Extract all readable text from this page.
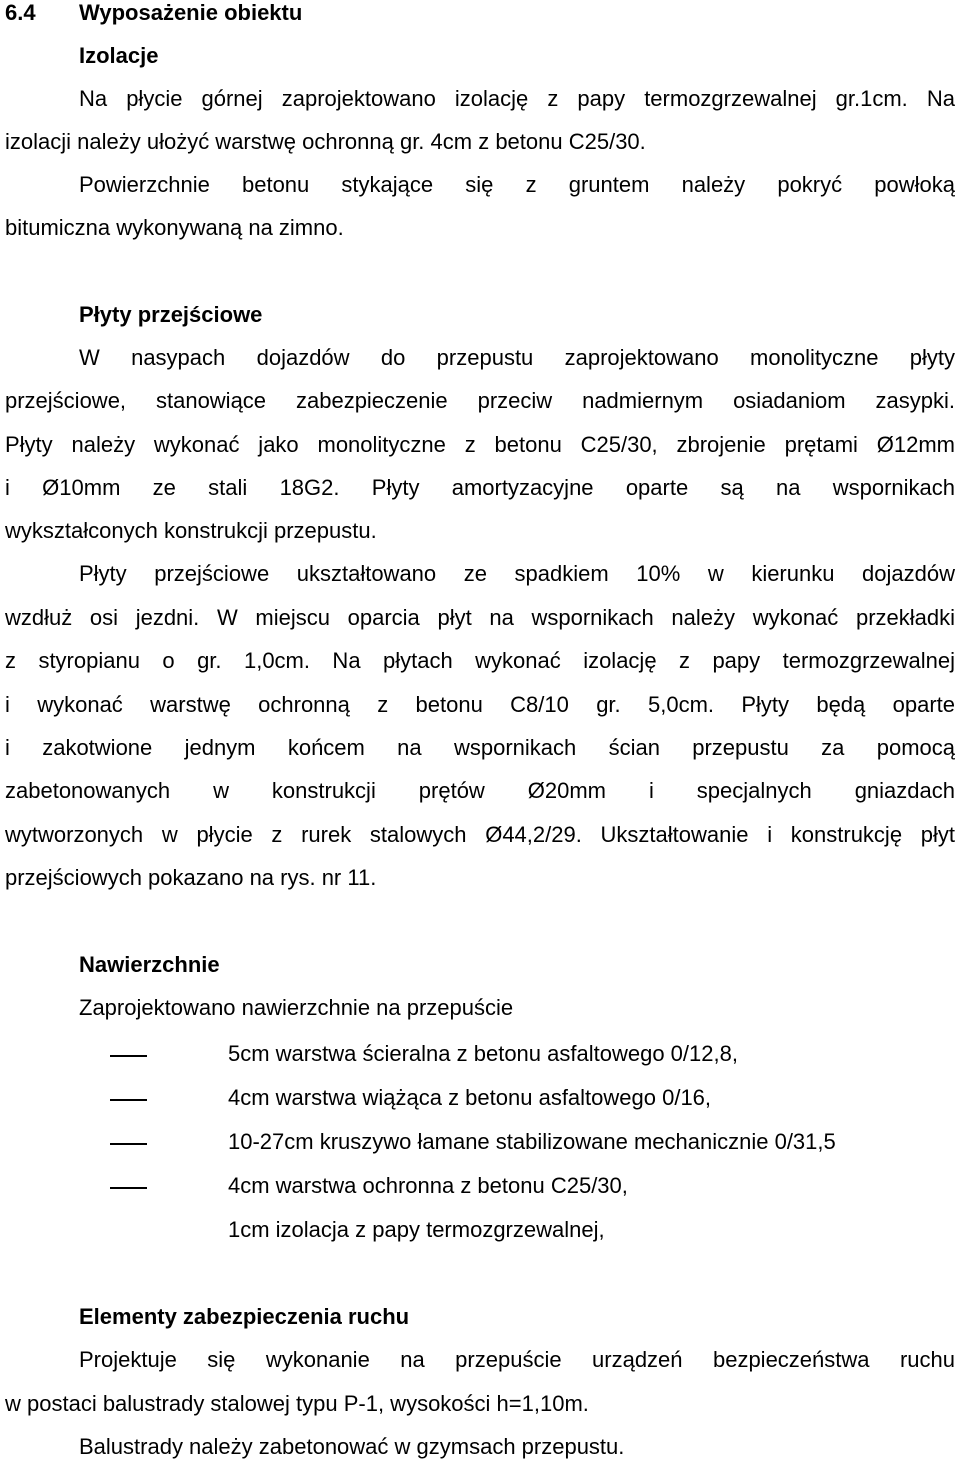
6.4 Wyposażenie obiektu
Izolacje
Na płycie górnej zaprojektowano izolację z papy termozgrzewalnej gr.1cm. Na
izolacji należy ułożyć warstwę ochronną gr. 4cm z betonu C25/30.
Powierzchnie betonu stykające się z gruntem należy pokryć powłoką
bitumiczna wykonywaną na zimno.
Płyty przejściowe
W nasypach dojazdów do przepustu zaprojektowano monolityczne płyty
przejściowe, stanowiące zabezpieczenie przeciw nadmiernym osiadaniom zasypki.
Płyty należy wykonać jako monolityczne z betonu C25/30, zbrojenie prętami Ø12mm
i Ø10mm ze stali 18G2. Płyty amortyzacyjne oparte są na wspornikach
wykształconych konstrukcji przepustu.
Płyty przejściowe ukształtowano ze spadkiem 10% w kierunku dojazdów
wzdłuż osi jezdni. W miejscu oparcia płyt na wspornikach należy wykonać przekładki
z styropianu o gr. 1,0cm. Na płytach wykonać izolację z papy termozgrzewalnej
i wykonać warstwę ochronną z betonu C8/10 gr. 5,0cm. Płyty będą oparte
i zakotwione jednym końcem na wspornikach ścian przepustu za pomocą
zabetonowanych w konstrukcji prętów Ø20mm i specjalnych gniazdach
wytworzonych w płycie z rurek stalowych Ø44,2/29. Ukształtowanie i konstrukcję płyt
przejściowych pokazano na rys. nr 11.
Nawierzchnie
Zaprojektowano nawierzchnie na przepuście
5cm warstwa ścieralna z betonu asfaltowego 0/12,8,
4cm warstwa wiążąca z betonu asfaltowego 0/16,
10-27cm kruszywo łamane stabilizowane mechanicznie 0/31,5
4cm warstwa ochronna z betonu C25/30,
1cm izolacja z papy termozgrzewalnej,
Elementy zabezpieczenia ruchu
Projektuje się wykonanie na przepuście urządzeń bezpieczeństwa ruchu
w postaci balustrady stalowej typu P-1, wysokości h=1,10m.
Balustrady należy zabetonować w gzymsach przepustu.
